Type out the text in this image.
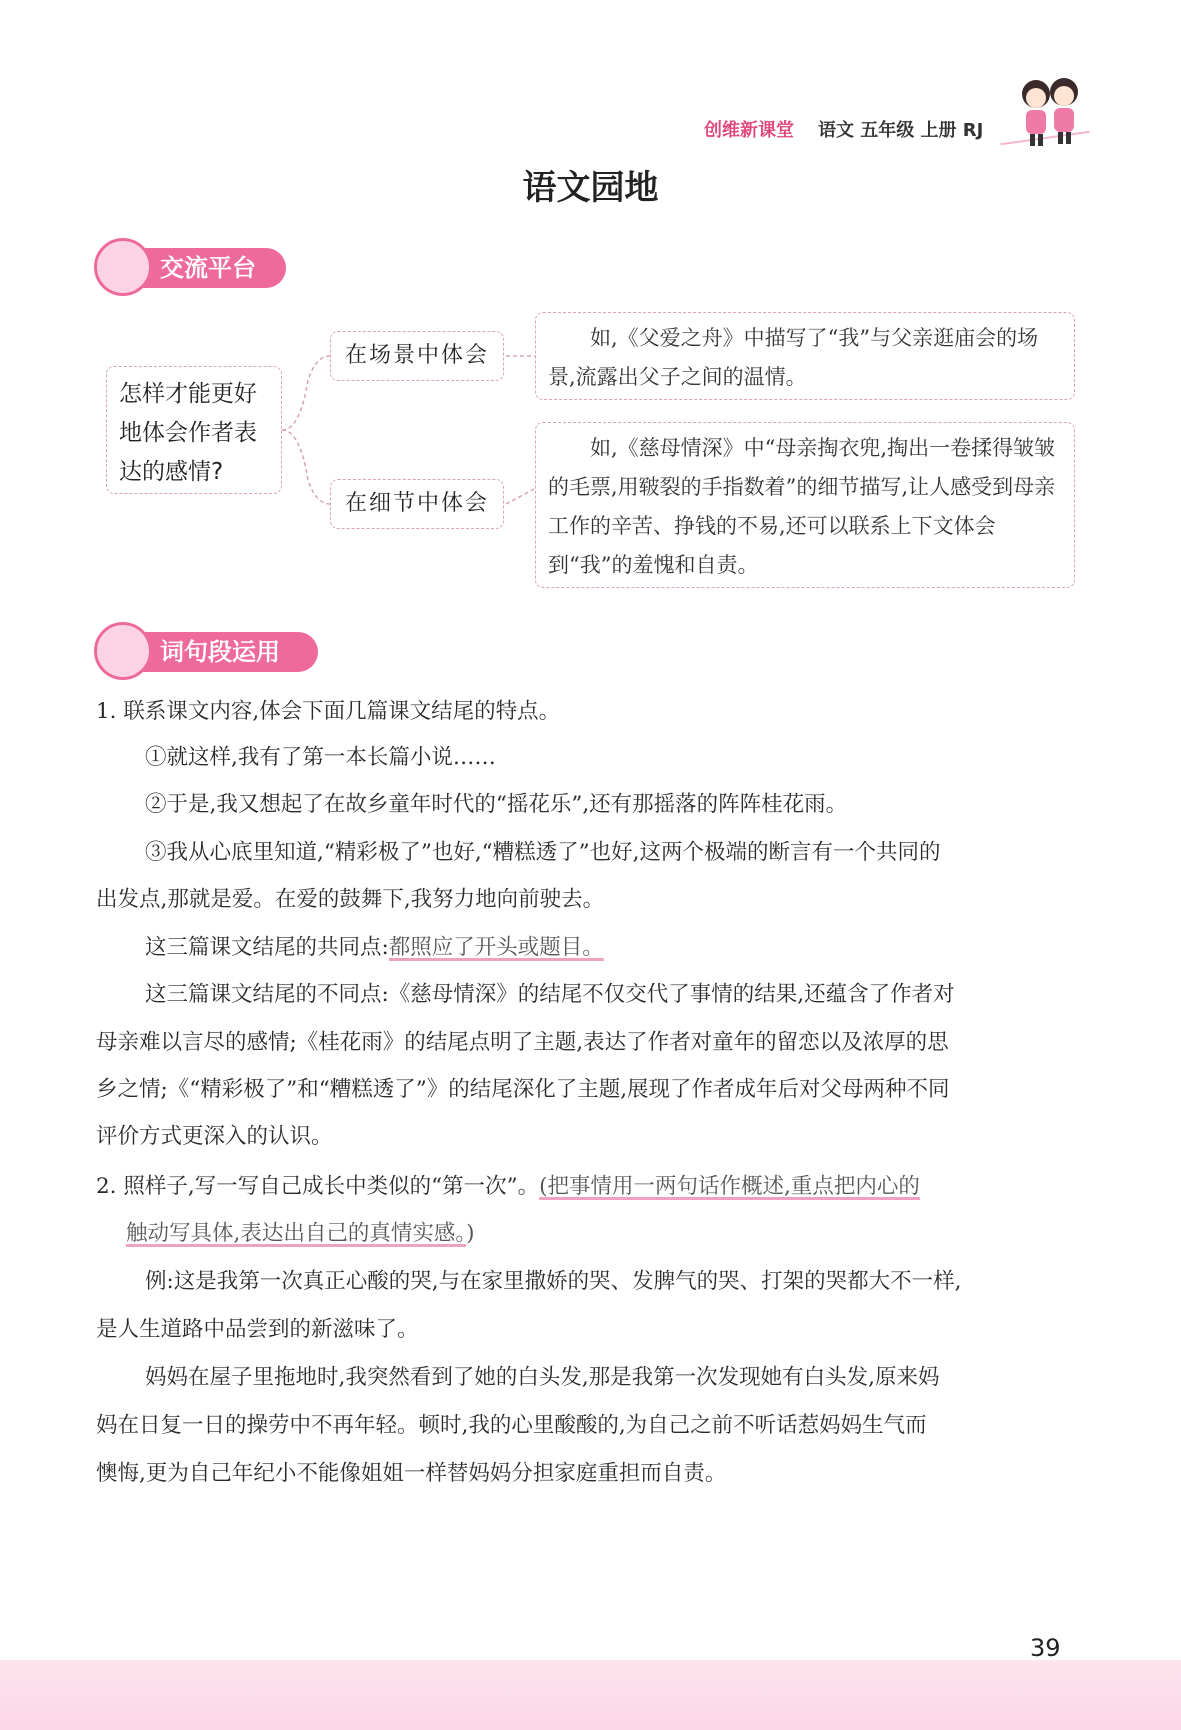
创维新课堂 语文 五年级 上册 RJ
语文园地
交流平台
怎样才能更好
地体会作者表
达的感情?
在场景中体会
在细节中体会
如,《父爱之舟》中描写了“我”与父亲逛庙会的场景,流露出父子之间的温情。
如,《慈母情深》中“母亲掏衣兜,掏出一卷揉得皱皱的毛票,用皲裂的手指数着”的细节描写,让人感受到母亲工作的辛苦、挣钱的不易,还可以联系上下文体会到“我”的羞愧和自责。
词句段运用
1. 联系课文内容,体会下面几篇课文结尾的特点。
①就这样,我有了第一本长篇小说……
②于是,我又想起了在故乡童年时代的“摇花乐”,还有那摇落的阵阵桂花雨。
③我从心底里知道,“精彩极了”也好,“糟糕透了”也好,这两个极端的断言有一个共同的
出发点,那就是爱。在爱的鼓舞下,我努力地向前驶去。
这三篇课文结尾的共同点:都照应了开头或题目。
这三篇课文结尾的不同点:《慈母情深》的结尾不仅交代了事情的结果,还蕴含了作者对
母亲难以言尽的感情;《桂花雨》的结尾点明了主题,表达了作者对童年的留恋以及浓厚的思
乡之情;《“精彩极了”和“糟糕透了”》的结尾深化了主题,展现了作者成年后对父母两种不同
评价方式更深入的认识。
2. 照样子,写一写自己成长中类似的“第一次”。(把事情用一两句话作概述,重点把内心的
触动写具体,表达出自己的真情实感。)
例:这是我第一次真正心酸的哭,与在家里撒娇的哭、发脾气的哭、打架的哭都大不一样,
是人生道路中品尝到的新滋味了。
妈妈在屋子里拖地时,我突然看到了她的白头发,那是我第一次发现她有白头发,原来妈
妈在日复一日的操劳中不再年轻。顿时,我的心里酸酸的,为自己之前不听话惹妈妈生气而
懊悔,更为自己年纪小不能像姐姐一样替妈妈分担家庭重担而自责。
39
